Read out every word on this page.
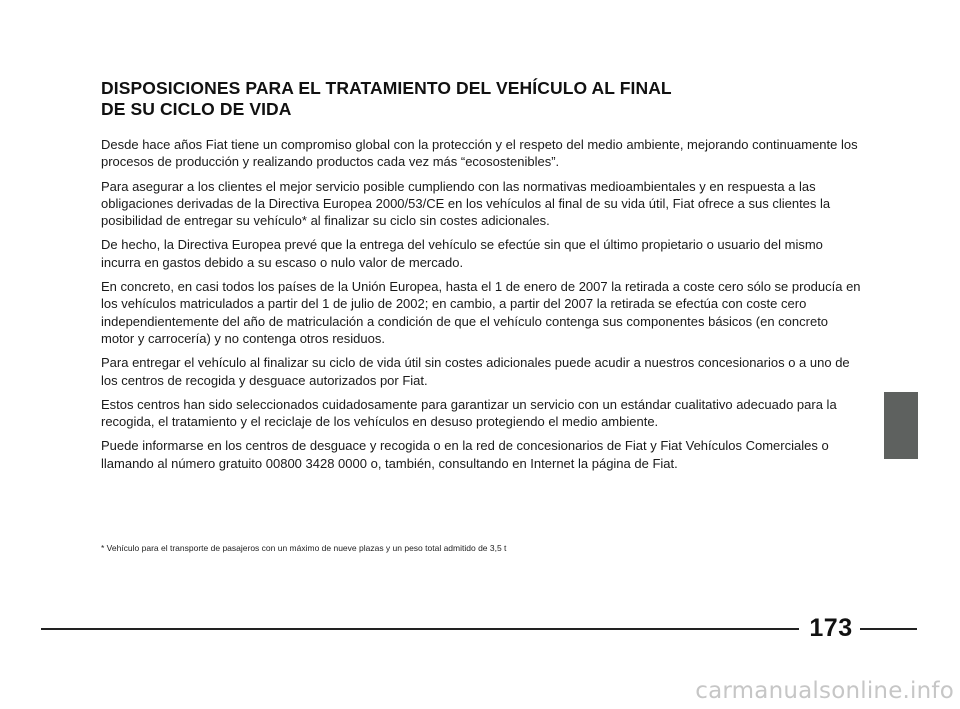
DISPOSICIONES PARA EL TRATAMIENTO DEL VEHÍCULO AL FINAL
DE SU CICLO DE VIDA

Desde hace años Fiat tiene un compromiso global con la protección y el respeto del medio ambiente, mejorando continuamente los procesos de producción y realizando productos cada vez más “ecosostenibles”.

Para asegurar a los clientes el mejor servicio posible cumpliendo con las normativas medioambientales y en respuesta a las obligaciones derivadas de la Directiva Europea 2000/53/CE en los vehículos al final de su vida útil, Fiat ofrece a sus clientes la posibilidad de entregar su vehículo* al finalizar su ciclo sin costes adicionales.

De hecho, la Directiva Europea prevé que la entrega del vehículo se efectúe sin que el último propietario o usuario del mismo incurra en gastos debido a su escaso o nulo valor de mercado.

En concreto, en casi todos los países de la Unión Europea, hasta el 1 de enero de 2007 la retirada a coste cero sólo se producía en los vehículos matriculados a partir del 1 de julio de 2002; en cambio, a partir del 2007 la retirada se efectúa con coste cero independientemente del año de matriculación a condición de que el vehículo contenga sus componentes básicos (en concreto motor y carrocería) y no contenga otros residuos.

Para entregar el vehículo al finalizar su ciclo de vida útil sin costes adicionales puede acudir a nuestros concesionarios o a uno de los centros de recogida y desguace autorizados por Fiat.

Estos centros han sido seleccionados cuidadosamente para garantizar un servicio con un estándar cualitativo adecuado para la recogida, el tratamiento y el reciclaje de los vehículos en desuso protegiendo el medio ambiente.

Puede informarse en los centros de desguace y recogida o en la red de concesionarios de Fiat y Fiat Vehículos Comerciales o llamando al número gratuito 00800 3428 0000 o, también, consultando en Internet la página de Fiat.

* Vehículo para el transporte de pasajeros con un máximo de nueve plazas y un peso total admitido de 3,5 t

173
carmanualsonline.info
